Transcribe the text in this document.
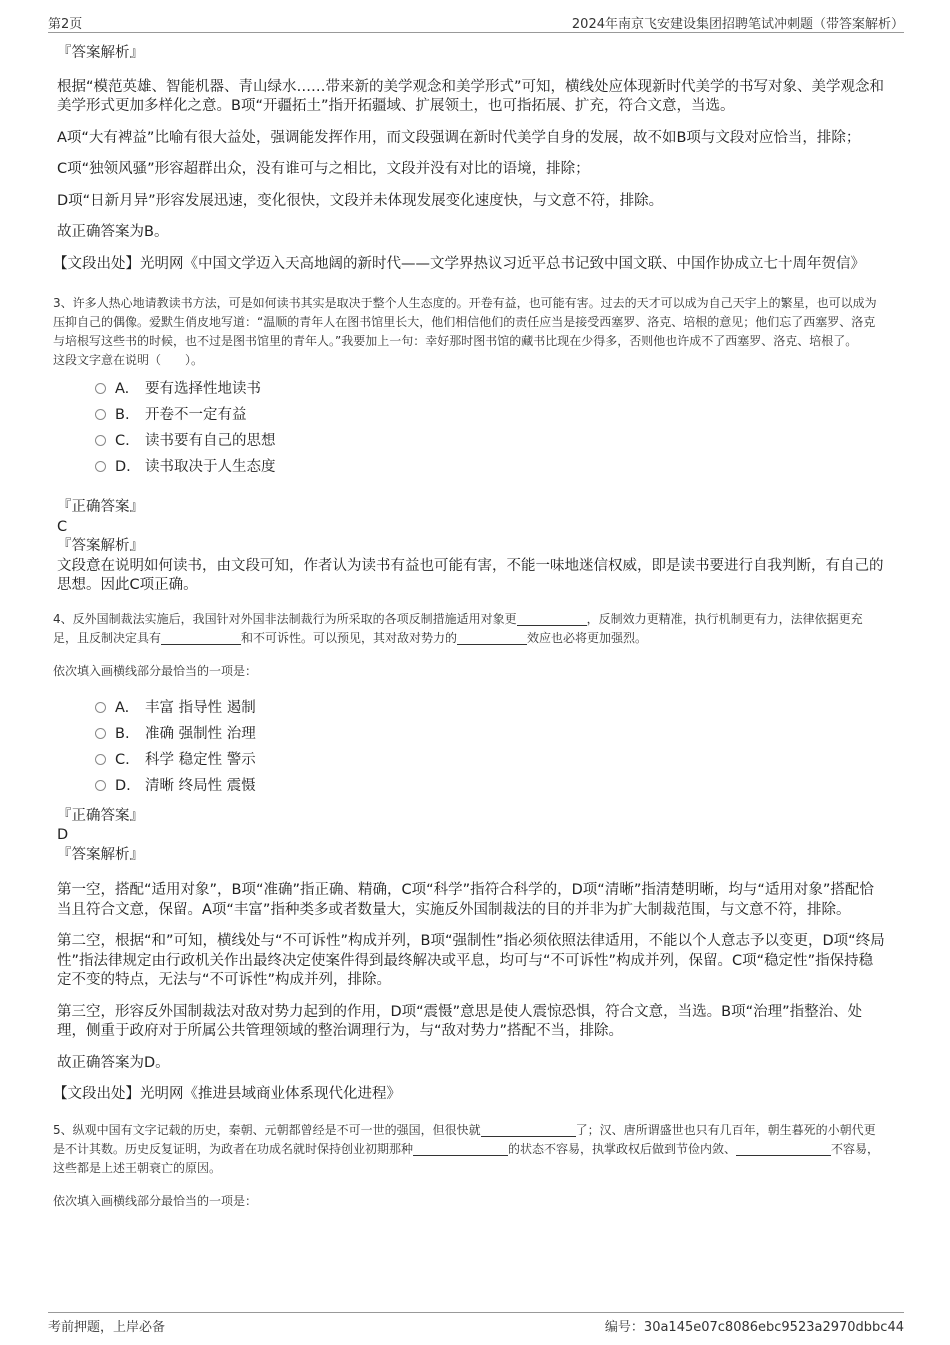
第2页	2024年南京飞安建设集团招聘笔试冲刺题（带答案解析）

『答案解析』

根据“模范英雄、智能机器、青山绿水……带来新的美学观念和美学形式”可知，横线处应体现新时代美学的书写对象、美学观念和美学形式更加多样化之意。B项“开疆拓土”指开拓疆域、扩展领土，也可指拓展、扩充，符合文意，当选。

A项“大有裨益”比喻有很大益处，强调能发挥作用，而文段强调在新时代美学自身的发展，故不如B项与文段对应恰当，排除；

C项“独领风骚”形容超群出众，没有谁可与之相比，文段并没有对比的语境，排除；

D项“日新月异”形容发展迅速，变化很快，文段并未体现发展变化速度快，与文意不符，排除。

故正确答案为B。

【文段出处】光明网《中国文学迈入天高地阔的新时代——文学界热议习近平总书记致中国文联、中国作协成立七十周年贺信》

3、许多人热心地请教读书方法，可是如何读书其实是取决于整个人生态度的。开卷有益，也可能有害。过去的天才可以成为自己天宇上的繁星，也可以成为压抑自己的偶像。爱默生俏皮地写道：“温顺的青年人在图书馆里长大，他们相信他们的责任应当是接受西塞罗、洛克、培根的意见；他们忘了西塞罗、洛克与培根写这些书的时候，也不过是图书馆里的青年人。”我要加上一句：幸好那时图书馆的藏书比现在少得多，否则他也许成不了西塞罗、洛克、培根了。

这段文字意在说明（　　）。

A. 要有选择性地读书
B. 开卷不一定有益
C. 读书要有自己的思想
D. 读书取决于人生态度

『正确答案』

C

『答案解析』

文段意在说明如何读书，由文段可知，作者认为读书有益也可能有害，不能一味地迷信权威，即是读书要进行自我判断，有自己的思想。因此C项正确。

4、反外国制裁法实施后，我国针对外国非法制裁行为所采取的各项反制措施适用对象更	，反制效力更精准，执行机制更有力，法律依据更充足，且反制决定具有	和不可诉性。可以预见，其对敌对势力的	效应也必将更加强烈。

依次填入画横线部分最恰当的一项是：

A. 丰富 指导性 遏制
B. 准确 强制性 治理
C. 科学 稳定性 警示
D. 清晰 终局性 震慑

『正确答案』

D

『答案解析』

第一空，搭配“适用对象”，B项“准确”指正确、精确，C项“科学”指符合科学的，D项“清晰”指清楚明晰，均与“适用对象”搭配恰当且符合文意，保留。A项“丰富”指种类多或者数量大，实施反外国制裁法的目的并非为扩大制裁范围，与文意不符，排除。

第二空，根据“和”可知，横线处与“不可诉性”构成并列，B项“强制性”指必须依照法律适用，不能以个人意志予以变更，D项“终局性”指法律规定由行政机关作出最终决定使案件得到最终解决或平息，均可与“不可诉性”构成并列，保留。C项“稳定性”指保持稳定不变的特点，无法与“不可诉性”构成并列，排除。

第三空，形容反外国制裁法对敌对势力起到的作用，D项“震慑”意思是使人震惊恐惧，符合文意，当选。B项“治理”指整治、处理，侧重于政府对于所属公共管理领域的整治调理行为，与“敌对势力”搭配不当，排除。

故正确答案为D。

【文段出处】光明网《推进县域商业体系现代化进程》

5、纵观中国有文字记载的历史，秦朝、元朝都曾经是不可一世的强国，但很快就	了；汉、唐所谓盛世也只有几百年，朝生暮死的小朝代更是不计其数。历史反复证明，为政者在功成名就时保持创业初期那种	的状态不容易，执掌政权后做到节俭内敛、	不容易，这些都是上述王朝衰亡的原因。

依次填入画横线部分最恰当的一项是：

考前押题，上岸必备	编号：30a145e07c8086ebc9523a2970dbbc44
